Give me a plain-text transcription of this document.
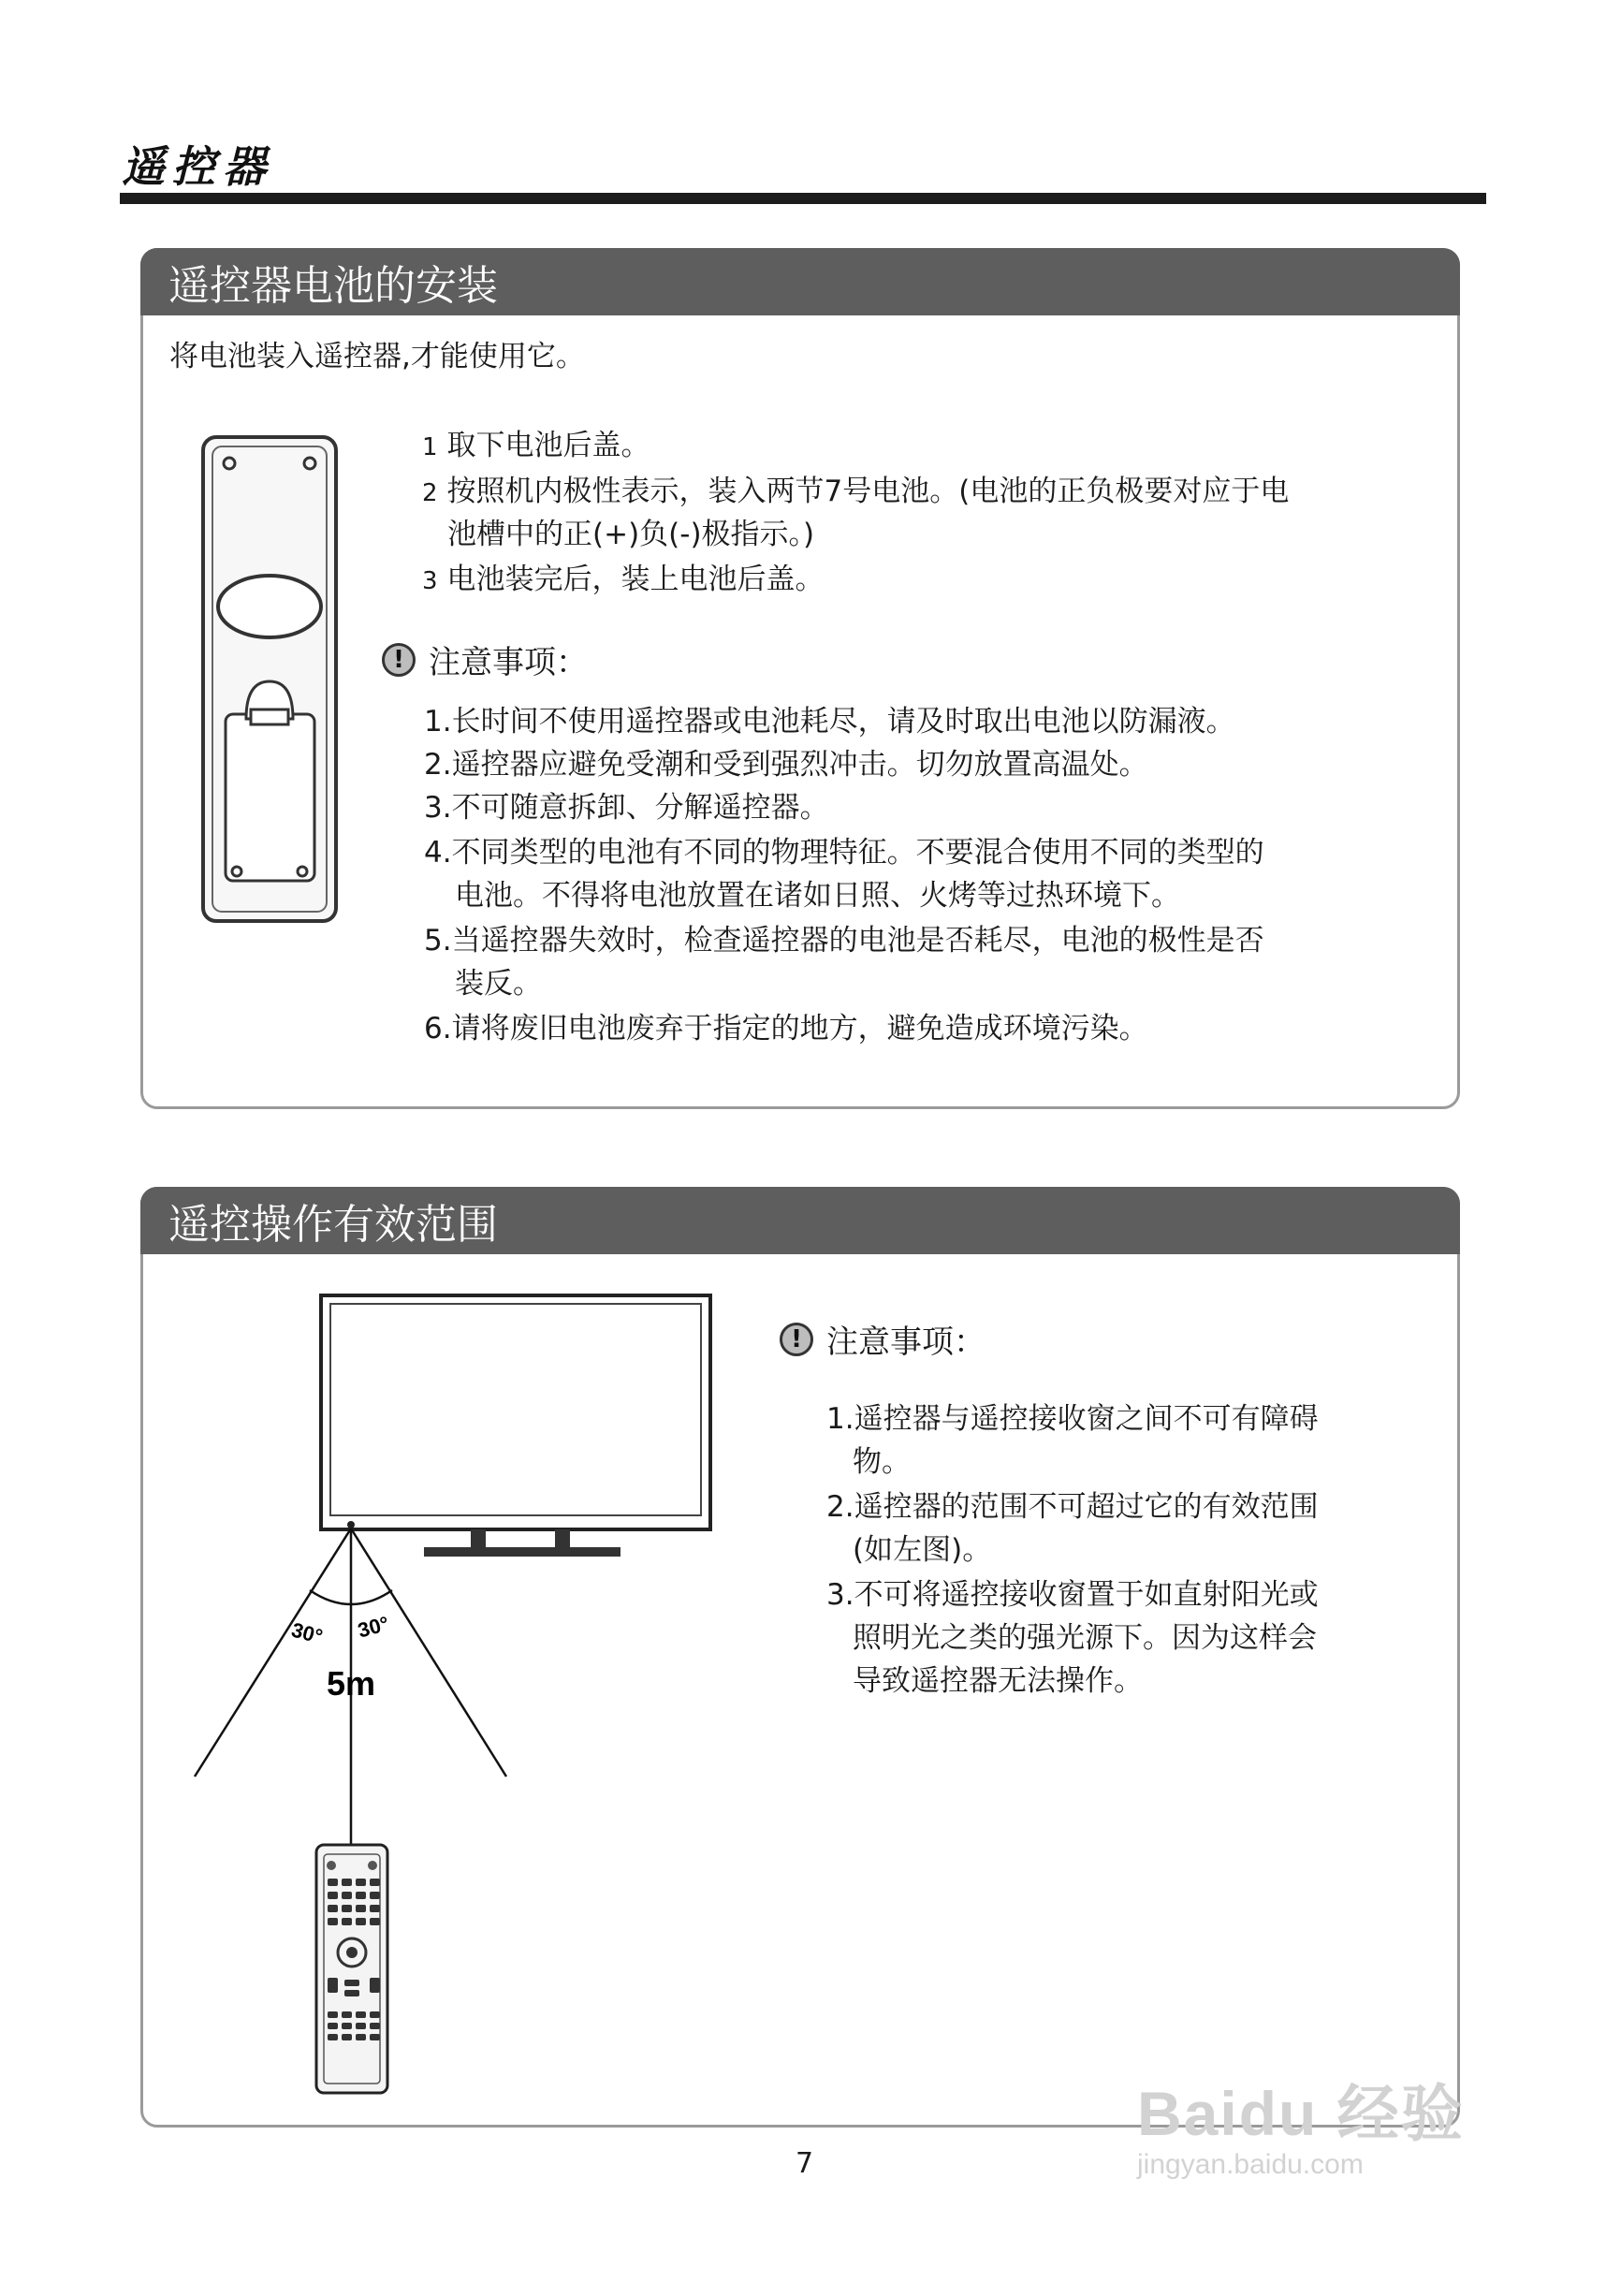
遥控器
遥控器电池的安装
将电池装入遥控器,才能使用它。
1 取下电池后盖。
2 按照机内极性表示，装入两节7号电池。(电池的正负极要对应于电
池槽中的正(+)负(-)极指示。)
3 电池装完后，装上电池后盖。
! 注意事项：
1.长时间不使用遥控器或电池耗尽，请及时取出电池以防漏液。
2.遥控器应避免受潮和受到强烈冲击。切勿放置高温处。
3.不可随意拆卸、分解遥控器。
4.不同类型的电池有不同的物理特征。不要混合使用不同的类型的
电池。不得将电池放置在诸如日照、火烤等过热环境下。
5.当遥控器失效时，检查遥控器的电池是否耗尽，电池的极性是否
装反。
6.请将废旧电池废弃于指定的地方，避免造成环境污染。
遥控操作有效范围
30° 30°
5m
! 注意事项：
1.遥控器与遥控接收窗之间不可有障碍
物。
2.遥控器的范围不可超过它的有效范围
(如左图)。
3.不可将遥控接收窗置于如直射阳光或
照明光之类的强光源下。因为这样会
导致遥控器无法操作。
7
Baidu 经验
jingyan.baidu.com
